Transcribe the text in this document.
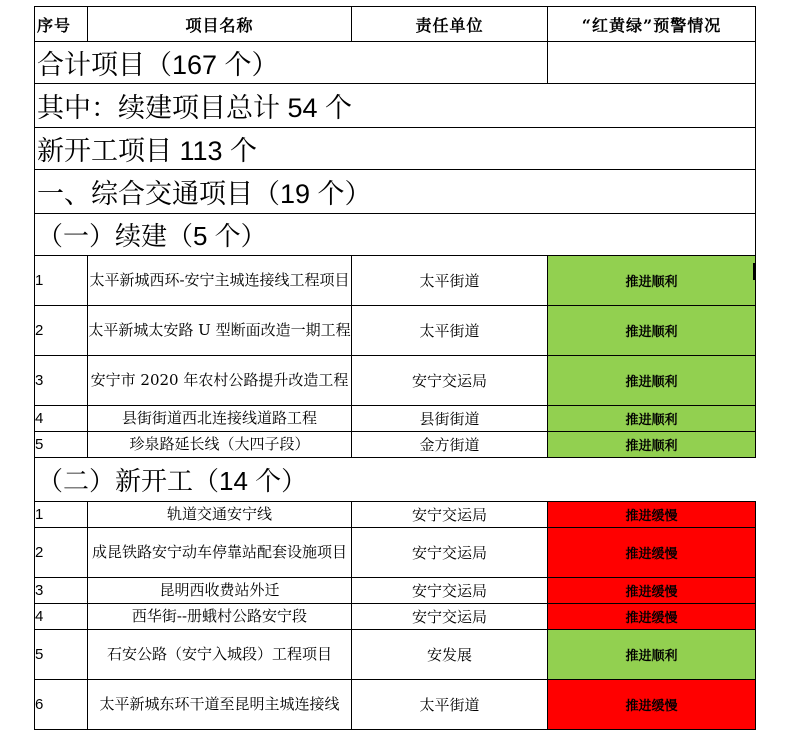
序号	项目名称	责任单位	“红黄绿”预警情况
合计项目（167 个）			
其中：续建项目总计 54 个			
新开工项目 113 个			
一、综合交通项目（19 个）			
（一）续建（5 个）			
1	太平新城西环-安宁主城连接线工程项目	太平街道	推进顺利
2	太平新城太安路 U 型断面改造一期工程	太平街道	推进顺利
3	安宁市 2020 年农村公路提升改造工程	安宁交运局	推进顺利
4	县街街道西北连接线道路工程	县街街道	推进顺利
5	珍泉路延长线（大四子段）	金方街道	推进顺利
（二）新开工（14 个）			
1	轨道交通安宁线	安宁交运局	推进缓慢
2	成昆铁路安宁动车停靠站配套设施项目	安宁交运局	推进缓慢
3	昆明西收费站外迁	安宁交运局	推进缓慢
4	西华街--册蛾村公路安宁段	安宁交运局	推进缓慢
5	石安公路（安宁入城段）工程项目	安发展	推进顺利
6	太平新城东环干道至昆明主城连接线	太平街道	推进缓慢
